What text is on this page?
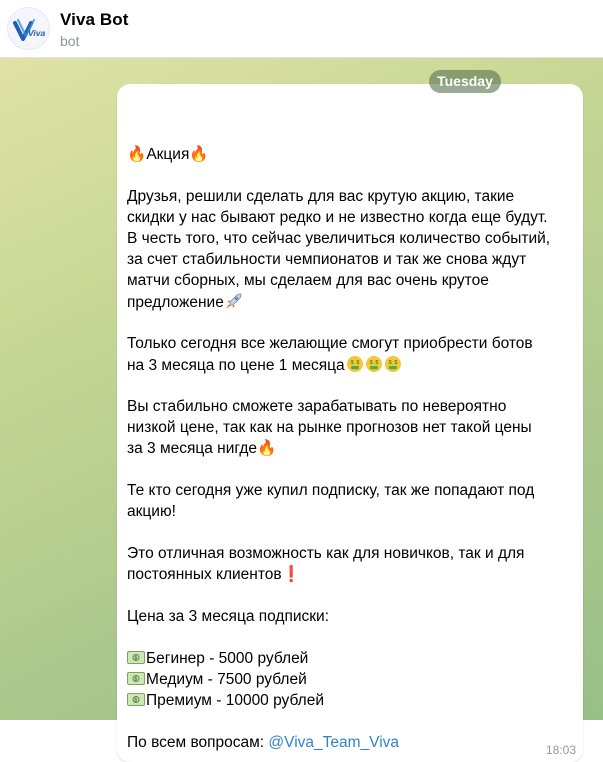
Viva
Viva Bot
bot
🔥Акция🔥
Друзья, решили сделать для вас крутую акцию, такие
скидки у нас бывают редко и не известно когда еще будут.
В честь того, что сейчас увеличиться количество событий,
за счет стабильности чемпионатов и так же снова ждут
матчи сборных, мы сделаем для вас очень крутое
предложение
Только сегодня все желающие смогут приобрести ботов
на 3 месяца по цене 1 месяца $ $ $ $ $ $
Вы стабильно сможете зарабатывать по невероятно
низкой цене, так как на рынке прогнозов нет такой цены
за 3 месяца нигде🔥
Те кто сегодня уже купил подписку, так же попадают под
акцию!
Это отличная возможность как для новичков, так и для
постоянных клиентов❗
Цена за 3 месяца подписки:
$ Бегинер - 5000 рублей
$ Медиум - 7500 рублей
$ Премиум - 10000 рублей
По всем вопросам: @Viva_Team_Viva	18:03
Tuesday
